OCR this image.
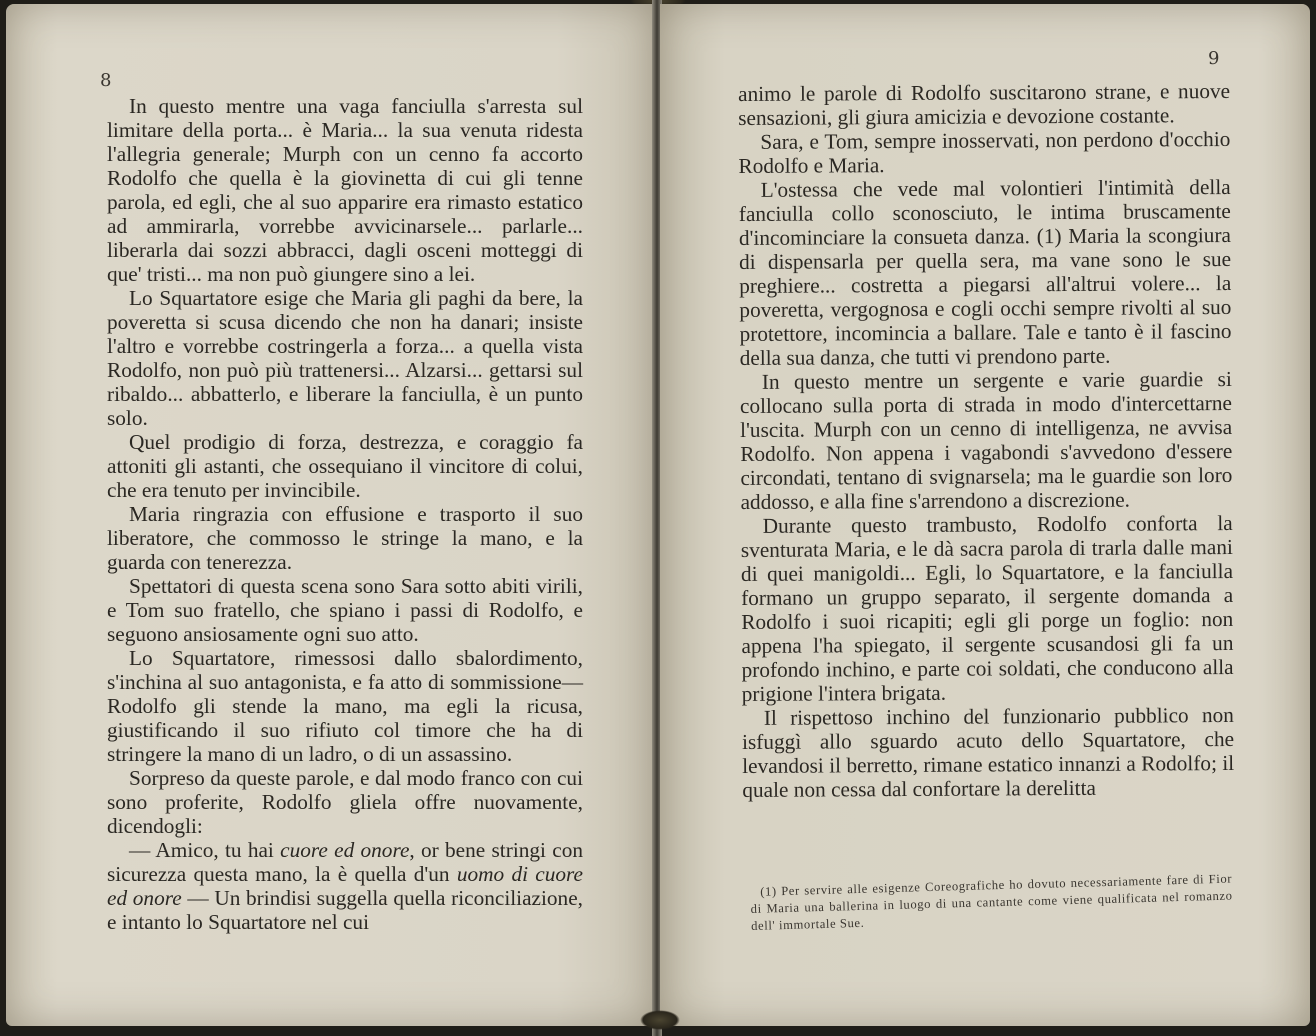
8
9

In questo mentre una vaga fanciulla s'arresta sul limitare della porta... è Maria... la sua venuta ridesta l'allegria generale; Murph con un cenno fa accorto Rodolfo che quella è la giovinetta di cui gli tenne parola, ed egli, che al suo apparire era rimasto estatico ad ammirarla, vorrebbe avvicinarsele... parlarle... liberarla dai sozzi abbracci, dagli osceni motteggi di que' tristi... ma non può giungere sino a lei.

Lo Squartatore esige che Maria gli paghi da bere, la poveretta si scusa dicendo che non ha danari; insiste l'altro e vorrebbe costringerla a forza... a quella vista Rodolfo, non può più trattenersi... Alzarsi... gettarsi sul ribaldo... abbatterlo, e liberare la fanciulla, è un punto solo.

Quel prodigio di forza, destrezza, e coraggio fa attoniti gli astanti, che ossequiano il vincitore di colui, che era tenuto per invincibile.

Maria ringrazia con effusione e trasporto il suo liberatore, che commosso le stringe la mano, e la guarda con tenerezza.

Spettatori di questa scena sono Sara sotto abiti virili, e Tom suo fratello, che spiano i passi di Rodolfo, e seguono ansiosamente ogni suo atto.

Lo Squartatore, rimessosi dallo sbalordimento, s'inchina al suo antagonista, e fa atto di sommissione— Rodolfo gli stende la mano, ma egli la ricusa, giustificando il suo rifiuto col timore che ha di stringere la mano di un ladro, o di un assassino.

Sorpreso da queste parole, e dal modo franco con cui sono proferite, Rodolfo gliela offre nuovamente, dicendogli:

— Amico, tu hai cuore ed onore, or bene stringi con sicurezza questa mano, la è quella d'un uomo di cuore ed onore — Un brindisi suggella quella riconciliazione, e intanto lo Squartatore nel cui

animo le parole di Rodolfo suscitarono strane, e nuove sensazioni, gli giura amicizia e devozione costante.

Sara, e Tom, sempre inosservati, non perdono d'occhio Rodolfo e Maria.

L'ostessa che vede mal volontieri l'intimità della fanciulla collo sconosciuto, le intima bruscamente d'incominciare la consueta danza. (1) Maria la scongiura di dispensarla per quella sera, ma vane sono le sue preghiere... costretta a piegarsi all'altrui volere... la poveretta, vergognosa e cogli occhi sempre rivolti al suo protettore, incomincia a ballare. Tale e tanto è il fascino della sua danza, che tutti vi prendono parte.

In questo mentre un sergente e varie guardie si collocano sulla porta di strada in modo d'intercettarne l'uscita. Murph con un cenno di intelligenza, ne avvisa Rodolfo. Non appena i vagabondi s'avvedono d'essere circondati, tentano di svignarsela; ma le guardie son loro addosso, e alla fine s'arrendono a discrezione.

Durante questo trambusto, Rodolfo conforta la sventurata Maria, e le dà sacra parola di trarla dalle mani di quei manigoldi... Egli, lo Squartatore, e la fanciulla formano un gruppo separato, il sergente domanda a Rodolfo i suoi ricapiti; egli gli porge un foglio: non appena l'ha spiegato, il sergente scusandosi gli fa un profondo inchino, e parte coi soldati, che conducono alla prigione l'intera brigata.

Il rispettoso inchino del funzionario pubblico non isfuggì allo sguardo acuto dello Squartatore, che levandosi il berretto, rimane estatico innanzi a Rodolfo; il quale non cessa dal confortare la derelitta

(1) Per servire alle esigenze Coreografiche ho dovuto necessariamente fare di Fior di Maria una ballerina in luogo di una cantante come viene qualificata nel romanzo dell' immortale Sue.
